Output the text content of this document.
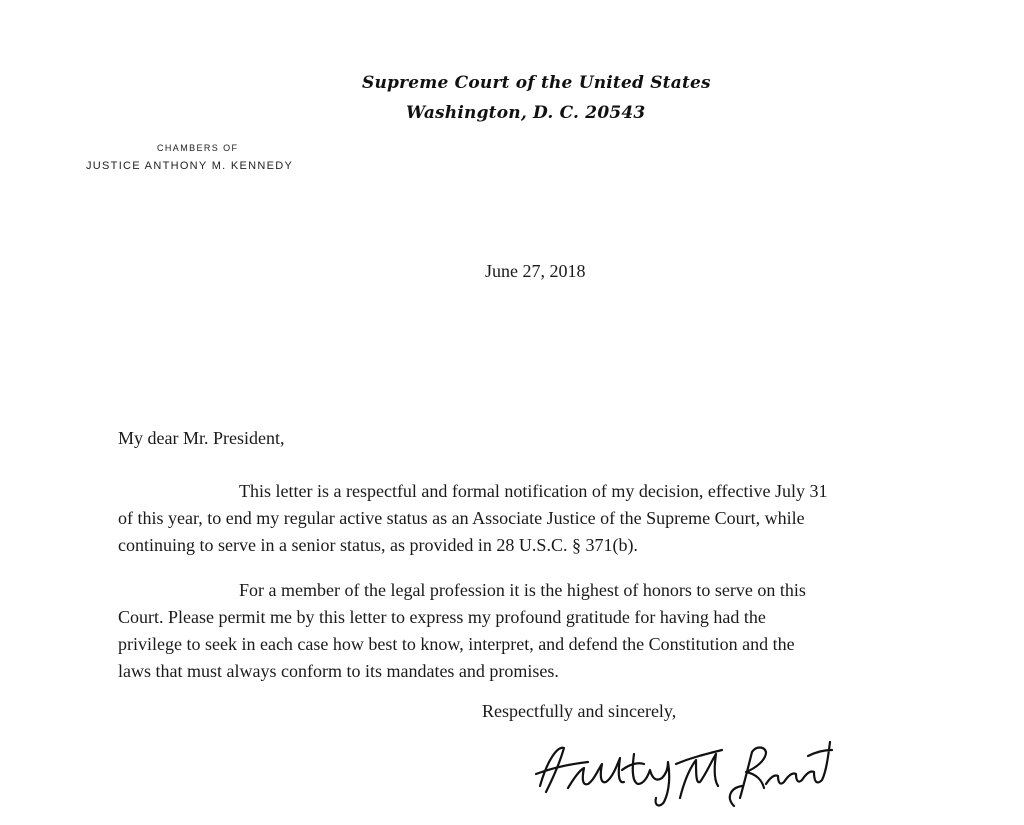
Supreme Court of the United States
Washington, D. C. 20543
CHAMBERS OF
JUSTICE ANTHONY M. KENNEDY
June 27, 2018
My dear Mr. President,
This letter is a respectful and formal notification of my decision, effective July 31
of this year, to end my regular active status as an Associate Justice of the Supreme Court, while
continuing to serve in a senior status, as provided in 28 U.S.C. § 371(b).
For a member of the legal profession it is the highest of honors to serve on this
Court. Please permit me by this letter to express my profound gratitude for having had the
privilege to seek in each case how best to know, interpret, and defend the Constitution and the
laws that must always conform to its mandates and promises.
Respectfully and sincerely,
